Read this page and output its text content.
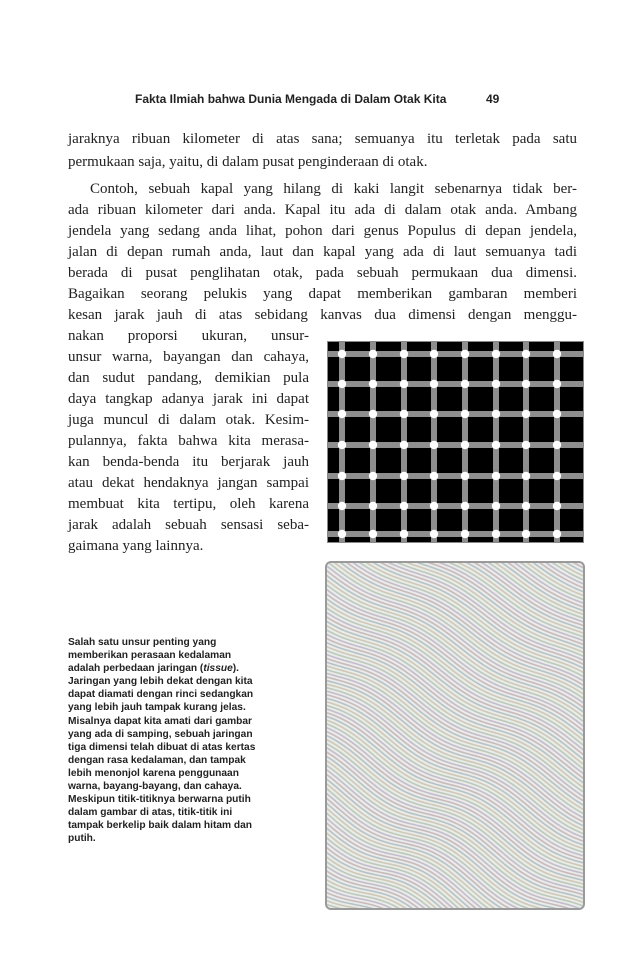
Fakta Ilmiah bahwa Dunia Mengada di Dalam Otak Kita	49
jaraknya ribuan kilometer di atas sana; semuanya itu terletak pada satu
permukaan saja, yaitu, di dalam pusat penginderaan di otak.
Contoh, sebuah kapal yang hilang di kaki langit sebenarnya tidak ber-
ada ribuan kilometer dari anda. Kapal itu ada di dalam otak anda. Ambang
jendela yang sedang anda lihat, pohon dari genus Populus di depan jendela,
jalan di depan rumah anda, laut dan kapal yang ada di laut semuanya tadi
berada di pusat penglihatan otak, pada sebuah permukaan dua dimensi.
Bagaikan seorang pelukis yang dapat memberikan gambaran memberi
kesan jarak jauh di atas sebidang kanvas dua dimensi dengan menggu-
nakan proporsi ukuran, unsur-
unsur warna, bayangan dan cahaya,
dan sudut pandang, demikian pula
daya tangkap adanya jarak ini dapat
juga muncul di dalam otak. Kesim-
pulannya, fakta bahwa kita merasa-
kan benda-benda itu berjarak jauh
atau dekat hendaknya jangan sampai
membuat kita tertipu, oleh karena
jarak adalah sebuah sensasi seba-
gaimana yang lainnya.
Salah satu unsur penting yang
memberikan perasaan kedalaman
adalah perbedaan jaringan (tissue).
Jaringan yang lebih dekat dengan kita
dapat diamati dengan rinci sedangkan
yang lebih jauh tampak kurang jelas.
Misalnya dapat kita amati dari gambar
yang ada di samping, sebuah jaringan
tiga dimensi telah dibuat di atas kertas
dengan rasa kedalaman, dan tampak
lebih menonjol karena penggunaan
warna, bayang-bayang, dan cahaya.
Meskipun titik-titiknya berwarna putih
dalam gambar di atas, titik-titik ini
tampak berkelip baik dalam hitam dan
putih.
